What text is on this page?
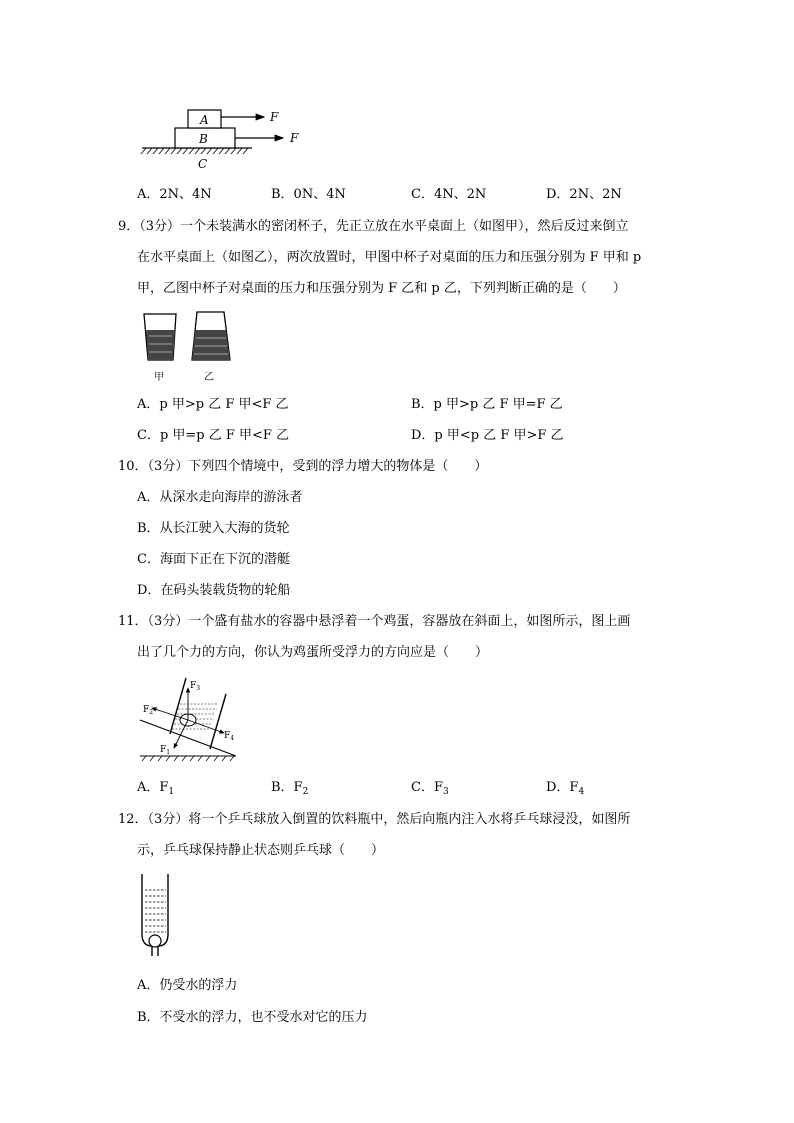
A
B
C
F
F
A．2N、4N	B．0N、4N	C．4N、2N	D．2N、2N
9．（3分）一个未装满水的密闭杯子，先正立放在水平桌面上（如图甲），然后反过来倒立
在水平桌面上（如图乙），两次放置时，甲图中杯子对桌面的压力和压强分别为 F 甲和 p
甲，乙图中杯子对桌面的压力和压强分别为 F 乙和 p 乙，下列判断正确的是（　　）
甲	乙
A．p 甲>p 乙 F 甲<F 乙	B．p 甲>p 乙 F 甲=F 乙
C．p 甲=p 乙 F 甲<F 乙	D．p 甲<p 乙 F 甲>F 乙
10．（3分）下列四个情境中，受到的浮力增大的物体是（　　）
A．从深水走向海岸的游泳者
B．从长江驶入大海的货轮
C．海面下正在下沉的潜艇
D．在码头装载货物的轮船
11．（3分）一个盛有盐水的容器中悬浮着一个鸡蛋，容器放在斜面上，如图所示，图上画
出了几个力的方向，你认为鸡蛋所受浮力的方向应是（　　）
$F_3$
$F_2$
$F_4$
$F_1$
A．$F_1$	B．$F_2$	C．$F_3$	D．$F_4$
12．（3分）将一个乒乓球放入倒置的饮料瓶中，然后向瓶内注入水将乒乓球浸没，如图所
示，乒乓球保持静止状态则乒乓球（　　）
A．仍受水的浮力
B．不受水的浮力，也不受水对它的压力
